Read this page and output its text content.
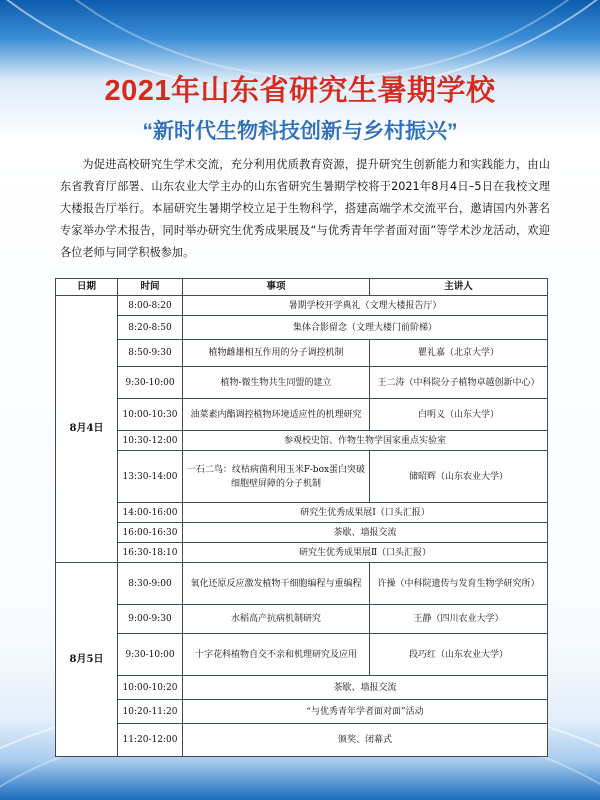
2021年山东省研究生暑期学校
“新时代生物科技创新与乡村振兴”

为促进高校研究生学术交流，充分利用优质教育资源，提升研究生创新能力和实践能力，由山东省教育厅部署、山东农业大学主办的山东省研究生暑期学校将于2021年8月4日–5日在我校文理大楼报告厅举行。本届研究生暑期学校立足于生物科学，搭建高端学术交流平台，邀请国内外著名专家举办学术报告，同时举办研究生优秀成果展及“与优秀青年学者面对面”等学术沙龙活动，欢迎各位老师与同学积极参加。

日期	时间	事项	主讲人
8月4日	8:00-8:20	暑期学校开学典礼（文理大楼报告厅）	
	8:20-8:50	集体合影留念（文理大楼门前阶梯）	
	8:50-9:30	植物雌雄相互作用的分子调控机制	瞿礼嘉（北京大学）
	9:30-10:00	植物-微生物共生同盟的建立	王二涛（中科院分子植物卓越创新中心）
	10:00-10:30	油菜素内酯调控植物环境适应性的机理研究	白明义（山东大学）
	10:30-12:00	参观校史馆、作物生物学国家重点实验室	
	13:30-14:00	一石二鸟：纹枯病菌利用玉米F-box蛋白突破细胞壁屏障的分子机制	储昭辉（山东农业大学）
	14:00-16:00	研究生优秀成果展Ⅰ（口头汇报）	
	16:00-16:30	茶歇、墙报交流	
	16:30-18:10	研究生优秀成果展Ⅱ（口头汇报）	
8月5日	8:30-9:00	氧化还原反应激发植物干细胞编程与重编程	许操（中科院遗传与发育生物学研究所）
	9:00-9:30	水稻高产抗病机制研究	王静（四川农业大学）
	9:30-10:00	十字花科植物自交不亲和机理研究及应用	段巧红（山东农业大学）
	10:00-10:20	茶歇、墙报交流	
	10:20-11:20	“与优秀青年学者面对面”活动	
	11:20-12:00	颁奖、闭幕式	
